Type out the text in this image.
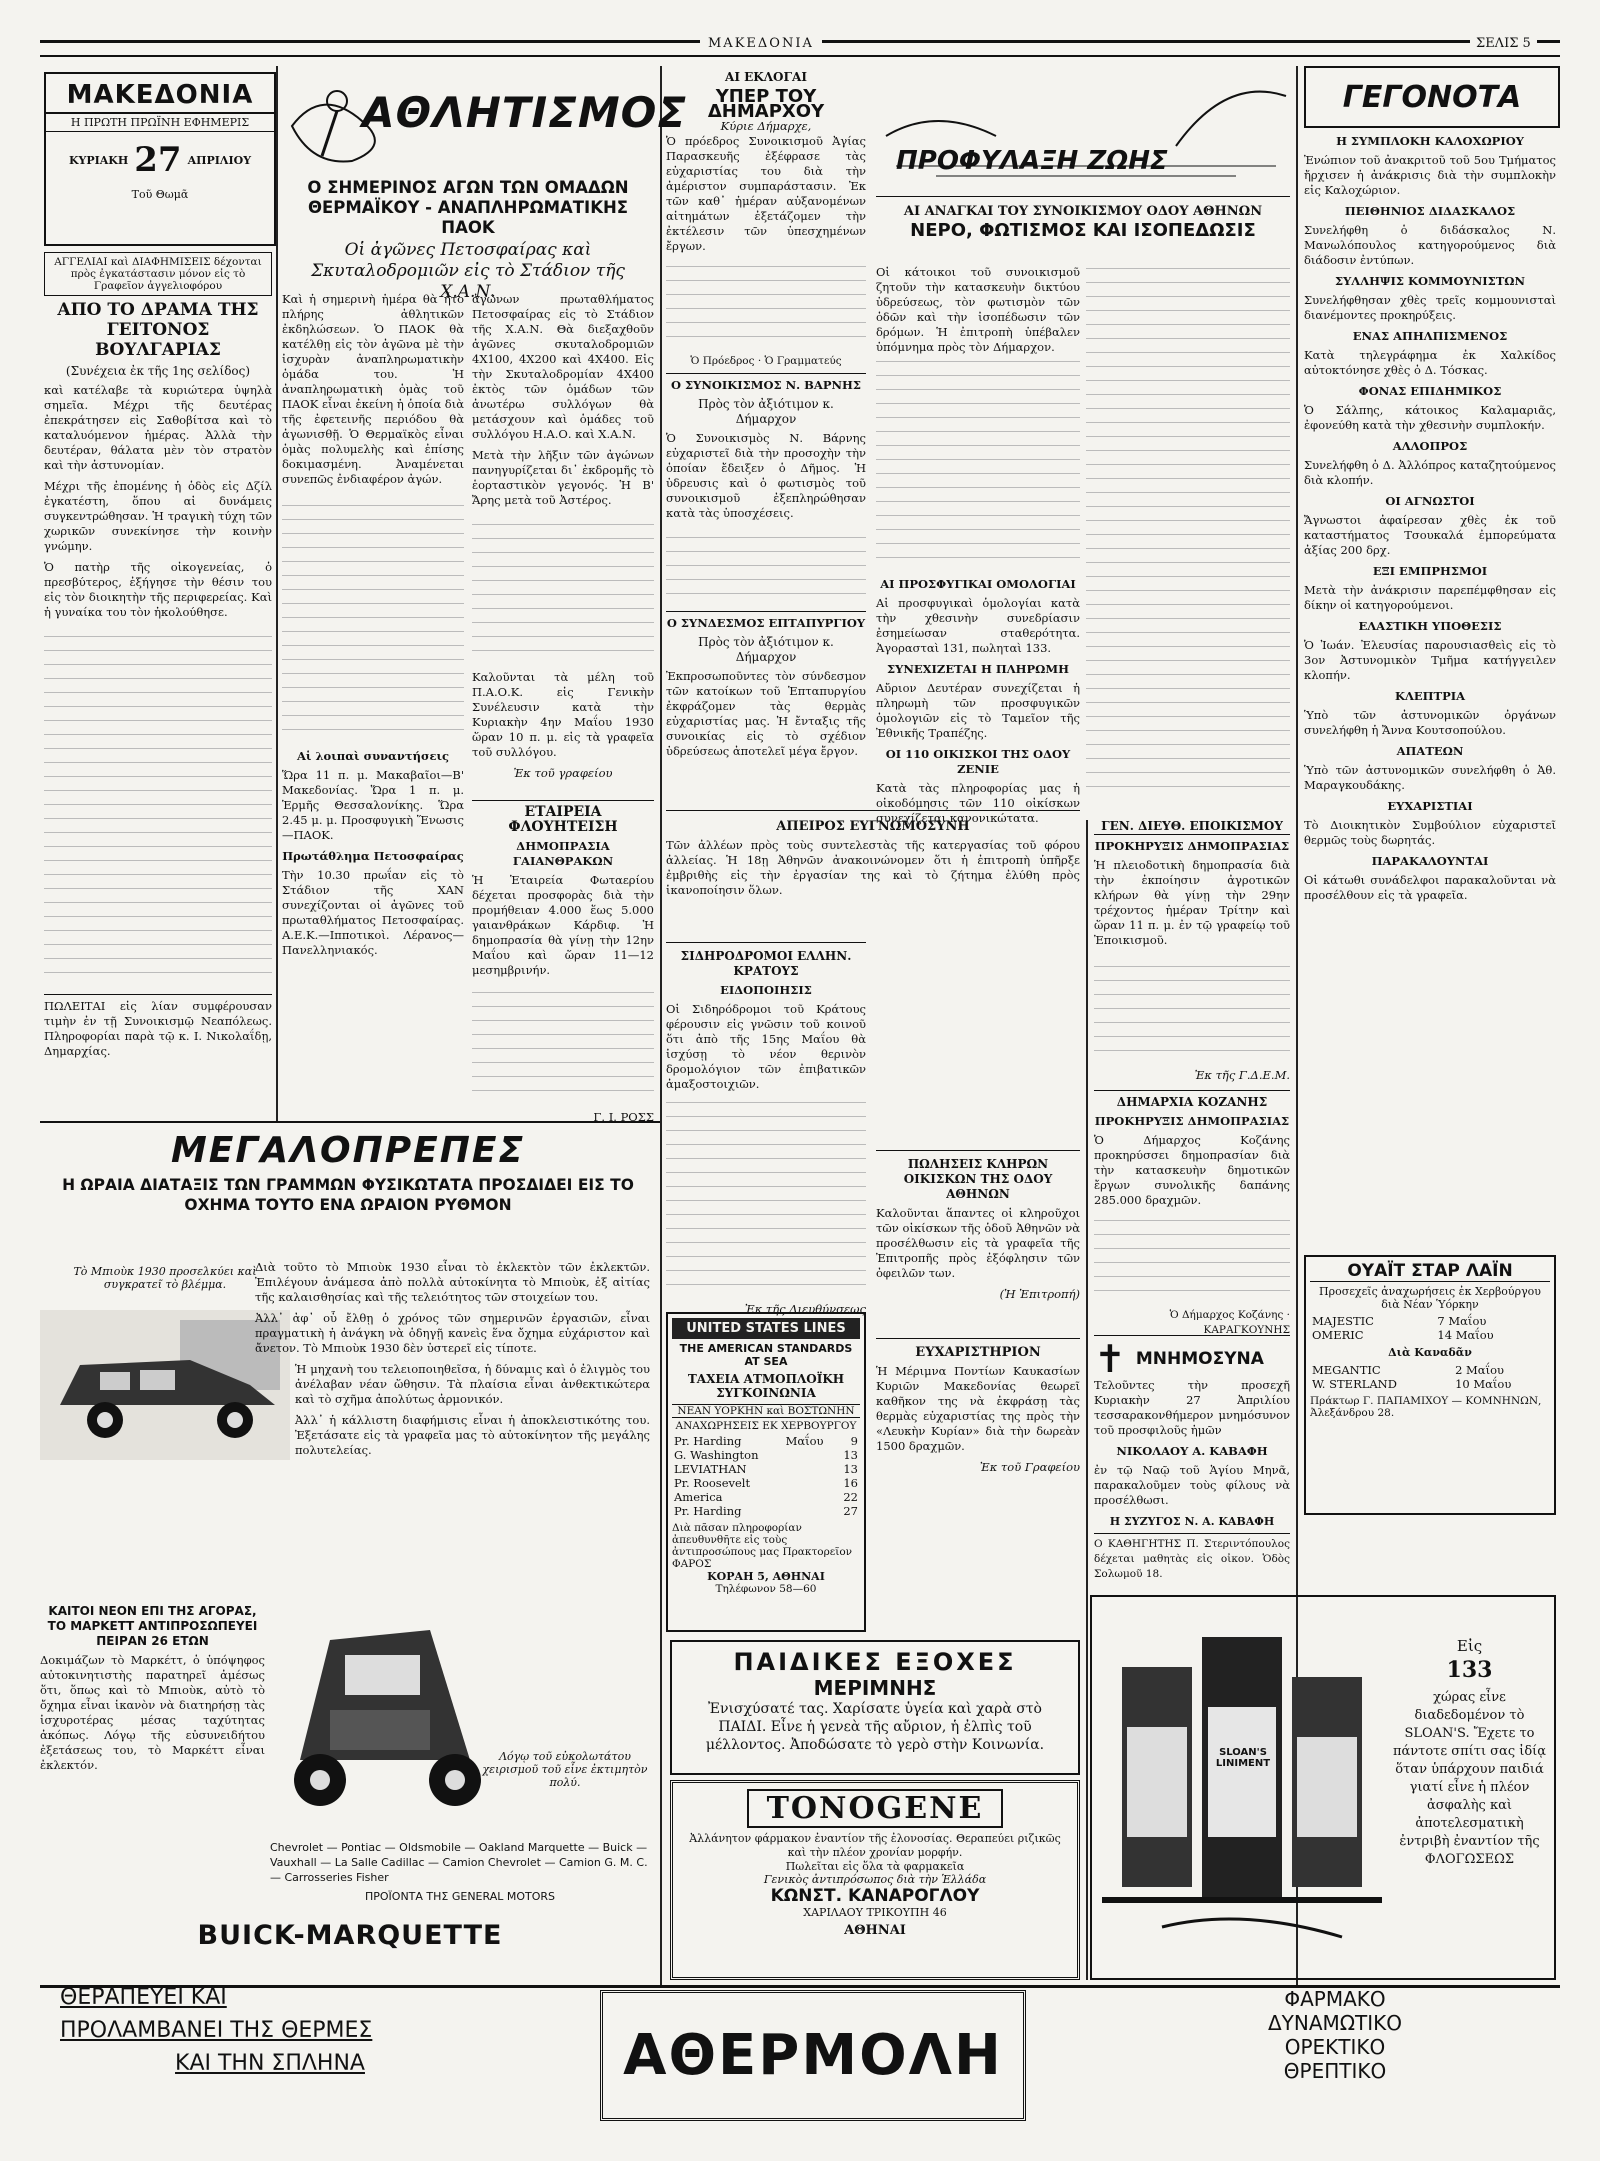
ΜΑΚΕΔΟΝΙΑ	ΣΕΛΙΣ 5
ΜΑΚΕΔΟΝΙΑ
Η ΠΡΩΤΗ ΠΡΩΪΝΗ ΕΦΗΜΕΡΙΣ
ΚΥΡΙΑΚΗ 27 ΑΠΡΙΛΙΟΥ
Τοῦ Θωμᾶ
ΑΓΓΕΛΙΑΙ καὶ ΔΙΑΦΗΜΙΣΕΙΣ δέχονται πρὸς ἐγκατάστασιν μόνον εἰς τὸ Γραφεῖον ἀγγελιοφόρου
ΑΠΟ ΤΟ ΔΡΑΜΑ ΤΗΣ ΓΕΙΤΟΝΟΣ ΒΟΥΛΓΑΡΙΑΣ
(Συνέχεια ἐκ τῆς 1ης σελίδος)

καὶ κατέλαβε τὰ κυριώτερα ὑψηλὰ σημεῖα. Μέχρι τῆς δευτέρας ἐπεκράτησεν εἰς Σαθοβίτσα καὶ τὸ καταλυόμενον ἡμέρας. Ἀλλὰ τὴν δευτέραν, θάλατα μὲν τὸν στρατὸν καὶ τὴν ἀστυνομίαν.

Μέχρι τῆς ἐπομένης ἡ ὁδὸς εἰς Δζίλ ἐγκατέστη, ὅπου αἱ δυνάμεις συγκεντρώθησαν. Ἡ τραγικὴ τύχη τῶν χωρικῶν συνεκίνησε τὴν κοινὴν γνώμην.

Ὁ πατὴρ τῆς οἰκογενείας, ὁ πρεσβύτερος, ἐξήγησε τὴν θέσιν του εἰς τὸν διοικητὴν τῆς περιφερείας. Καὶ ἡ γυναίκα του τὸν ἠκολούθησε.

ΠΩΛΕΙΤΑΙ εἰς λίαν συμφέρουσαν τιμὴν ἐν τῇ Συνοικισμῷ Νεαπόλεως. Πληροφορίαι παρὰ τῷ κ. Ι. Νικολαΐδῃ, Δημαρχίας.

ΑΘΛΗΤΙΣΜΟΣ
Ο ΣΗΜΕΡΙΝΟΣ ΑΓΩΝ ΤΩΝ ΟΜΑΔΩΝ ΘΕΡΜΑΪΚΟΥ - ΑΝΑΠΛΗΡΩΜΑΤΙΚΗΣ ΠΑΟΚ
Οἱ ἀγῶνες Πετοσφαίρας καὶ Σκυταλοδρομιῶν εἰς τὸ Στάδιον τῆς Χ.Α.Ν.

Καὶ ἡ σημερινὴ ἡμέρα θὰ ἦτο πλήρης ἀθλητικῶν ἐκδηλώσεων. Ὁ ΠΑΟΚ θὰ κατέλθῃ εἰς τὸν ἀγῶνα μὲ τὴν ἰσχυρὰν ἀναπληρωματικὴν ὁμάδα του. Ἡ ἀναπληρωματικὴ ὁμὰς τοῦ ΠΑΟΚ εἶναι ἐκείνη ἡ ὁποία διὰ τῆς ἐφετεινῆς περιόδου θὰ ἀγωνισθῇ. Ὁ Θερμαϊκὸς εἶναι ὁμὰς πολυμελὴς καὶ ἐπίσης δοκιμασμένη. Ἀναμένεται συνεπῶς ἐνδιαφέρον ἀγών.

Αἱ λοιπαὶ συναντήσεις

Ὥρα 11 π. μ. Μακαβαῖοι—Β' Μακεδονίας. Ὥρα 1 π. μ. Ἑρμῆς Θεσσαλονίκης. Ὥρα 2.45 μ. μ. Προσφυγικὴ Ἕνωσις—ΠΑΟΚ.

Πρωτάθλημα Πετοσφαίρας

Τὴν 10.30 πρωΐαν εἰς τὸ Στάδιον τῆς ΧΑΝ συνεχίζονται οἱ ἀγῶνες τοῦ πρωταθλήματος Πετοσφαίρας. Α.Ε.Κ.—Ιπποτικοὶ. Λέρανος—Πανελληνιακός.

ἀγώνων πρωταθλήματος Πετοσφαίρας εἰς τὸ Στάδιον τῆς Χ.Α.Ν. Θὰ διεξαχθοῦν ἀγῶνες σκυταλοδρομιῶν 4Χ100, 4Χ200 καὶ 4Χ400. Εἰς τὴν Σκυταλοδρομίαν 4Χ400 ἐκτὸς τῶν ὁμάδων τῶν ἀνωτέρω συλλόγων θὰ μετάσχουν καὶ ὁμάδες τοῦ συλλόγου Η.Α.Ο. καὶ Χ.Α.Ν.

Μετὰ τὴν λῆξιν τῶν ἀγώνων πανηγυρίζεται δι᾽ ἐκδρομῆς τὸ ἑορταστικὸν γεγονός. Ἡ Β' Ἄρης μετὰ τοῦ Ἀστέρος.

Καλοῦνται τὰ μέλη τοῦ Π.Α.Ο.Κ. εἰς Γενικὴν Συνέλευσιν κατὰ τὴν Κυριακὴν 4ην Μαΐου 1930 ὥραν 10 π. μ. εἰς τὰ γραφεῖα τοῦ συλλόγου.

Ἐκ τοῦ γραφείου
ΕΤΑΙΡΕΙΑ ΦΛΟΥΗΤΕΙΣΗ
ΔΗΜΟΠΡΑΣΙΑ ΓΑΙΑΝΘΡΑΚΩΝ

Ἡ Ἑταιρεία Φωταερίου δέχεται προσφορὰς διὰ τὴν προμήθειαν 4.000 ἕως 5.000 γαιανθράκων Κάρδιφ. Ἡ δημοπρασία θὰ γίνῃ τὴν 12ην Μαΐου καὶ ὥραν 11—12 μεσημβρινήν.

Γ. Ι. ΡΟΣΣ
ΑΙ ΕΚΛΟΓΑΙ
ΥΠΕΡ ΤΟΥ ΔΗΜΑΡΧΟΥ
Κύριε Δήμαρχε,

Ὁ πρόεδρος Συνοικισμοῦ Ἀγίας Παρασκευῆς ἐξέφρασε τὰς εὐχαριστίας του διὰ τὴν ἀμέριστον συμπαράστασιν. Ἐκ τῶν καθ᾽ ἡμέραν αὐξανομένων αἰτημάτων ἐξετάζομεν τὴν ἐκτέλεσιν τῶν ὑπεσχημένων ἔργων.

Ὁ Πρόεδρος · Ὁ Γραμματεύς
Ο ΣΥΝΟΙΚΙΣΜΟΣ Ν. ΒΑΡΝΗΣ
Πρὸς τὸν ἀξιότιμον κ. Δήμαρχον

Ὁ Συνοικισμὸς Ν. Βάρνης εὐχαριστεῖ διὰ τὴν προσοχὴν τὴν ὁποίαν ἔδειξεν ὁ Δῆμος. Ἡ ὑδρευσις καὶ ὁ φωτισμὸς τοῦ συνοικισμοῦ ἐξεπληρώθησαν κατὰ τὰς ὑποσχέσεις.

Ο ΣΥΝΔΕΣΜΟΣ ΕΠΤΑΠΥΡΓΙΟΥ
Πρὸς τὸν ἀξιότιμον κ. Δήμαρχον

Ἐκπροσωποῦντες τὸν σύνδεσμον τῶν κατοίκων τοῦ Ἑπταπυργίου ἐκφράζομεν τὰς θερμὰς εὐχαριστίας μας. Ἡ ἔνταξις τῆς συνοικίας εἰς τὸ σχέδιον ὑδρεύσεως ἀποτελεῖ μέγα ἔργον.

ΠΡΟΦΥΛΑΞΗ ΖΩΗΣ
ΑΙ ΑΝΑΓΚΑΙ ΤΟΥ ΣΥΝΟΙΚΙΣΜΟΥ ΟΔΟΥ ΑΘΗΝΩΝ
ΝΕΡΟ, ΦΩΤΙΣΜΟΣ ΚΑΙ ΙΣΟΠΕΔΩΣΙΣ

Οἱ κάτοικοι τοῦ συνοικισμοῦ ζητοῦν τὴν κατασκευὴν δικτύου ὑδρεύσεως, τὸν φωτισμὸν τῶν ὁδῶν καὶ τὴν ἰσοπέδωσιν τῶν δρόμων. Ἡ ἐπιτροπὴ ὑπέβαλεν ὑπόμνημα πρὸς τὸν Δήμαρχον.

ΑΙ ΠΡΟΣΦΥΓΙΚΑΙ ΟΜΟΛΟΓΙΑΙ

Αἱ προσφυγικαὶ ὁμολογίαι κατὰ τὴν χθεσινὴν συνεδρίασιν ἐσημείωσαν σταθερότητα. Ἀγορασταὶ 131, πωληταὶ 133.

ΣΥΝΕΧΙΖΕΤΑΙ Η ΠΛΗΡΩΜΗ

Αὔριον Δευτέραν συνεχίζεται ἡ πληρωμὴ τῶν προσφυγικῶν ὁμολογιῶν εἰς τὸ Ταμεῖον τῆς Ἐθνικῆς Τραπέζης.

ΟΙ 110 ΟΙΚΙΣΚΟΙ ΤΗΣ ΟΔΟΥ ΖΕΝΙΕ

Κατὰ τὰς πληροφορίας μας ἡ οἰκοδόμησις τῶν 110 οἰκίσκων συνεχίζεται κανονικώτατα.

ΓΕΓΟΝΟΤΑ
Η ΣΥΜΠΛΟΚΗ ΚΑΛΟΧΩΡΙΟΥ

Ἐνώπιον τοῦ ἀνακριτοῦ τοῦ 5ου Τμήματος ἤρχισεν ἡ ἀνάκρισις διὰ τὴν συμπλοκὴν εἰς Καλοχώριον.

ΠΕΙΘΗΝΙΟΣ ΔΙΔΑΣΚΑΛΟΣ

Συνελήφθη ὁ διδάσκαλος Ν. Μανωλόπουλος κατηγορούμενος διὰ διάδοσιν ἐντύπων.

ΣΥΛΛΗΨΙΣ ΚΟΜΜΟΥΝΙΣΤΩΝ

Συνελήφθησαν χθὲς τρεῖς κομμουνισταὶ διανέμοντες προκηρύξεις.

ΕΝΑΣ ΑΠΗΛΠΙΣΜΕΝΟΣ

Κατὰ τηλεγράφημα ἐκ Χαλκίδος αὐτοκτόνησε χθὲς ὁ Δ. Τόσκας.

ΦΟΝΑΣ ΕΠΙΔΗΜΙΚΟΣ

Ὁ Σάλπης, κάτοικος Καλαμαριᾶς, ἐφονεύθη κατὰ τὴν χθεσινὴν συμπλοκήν.

ΑΛΛΟΠΡΟΣ

Συνελήφθη ὁ Δ. Ἀλλόπρος καταζητούμενος διὰ κλοπήν.

ΟΙ ΑΓΝΩΣΤΟΙ

Ἄγνωστοι ἀφαίρεσαν χθὲς ἐκ τοῦ καταστήματος Τσουκαλά ἐμπορεύματα ἀξίας 200 δρχ.

ΕΞΙ ΕΜΠΡΗΣΜΟΙ

Μετὰ τὴν ἀνάκρισιν παρεπέμφθησαν εἰς δίκην οἱ κατηγορούμενοι.

ΕΛΑΣΤΙΚΗ ΥΠΟΘΕΣΙΣ

Ὁ Ἰωάν. Ἐλευσίας παρουσιασθεὶς εἰς τὸ 3ον Ἀστυνομικὸν Τμῆμα κατήγγειλεν κλοπήν.

ΚΛΕΠΤΡΙΑ

Ὑπὸ τῶν ἀστυνομικῶν ὀργάνων συνελήφθη ἡ Ἄννα Κουτσοπούλου.

ΑΠΑΤΕΩΝ

Ὑπὸ τῶν ἀστυνομικῶν συνελήφθη ὁ Ἀθ. Μαραγκουδάκης.

ΕΥΧΑΡΙΣΤΙΑΙ

Τὸ Διοικητικὸν Συμβούλιον εὐχαριστεῖ θερμῶς τοὺς δωρητάς.

ΠΑΡΑΚΑΛΟΥΝΤΑΙ

Οἱ κάτωθι συνάδελφοι παρακαλοῦνται νὰ προσέλθουν εἰς τὰ γραφεῖα.

ΑΠΕΙΡΟΣ ΕΥΓΝΩΜΟΣΥΝΗ

Τῶν ἀλλέων πρὸς τοὺς συντελεστὰς τῆς κατεργασίας τοῦ φόρου ἀλλείας. Ἡ 18ῃ Ἀθηνῶν ἀνακοινώνομεν ὅτι ἡ ἐπιτροπὴ ὑπῆρξε ἐμβριθὴς εἰς τὴν ἐργασίαν της καὶ τὸ ζήτημα ἐλύθη πρὸς ἱκανοποίησιν ὅλων.

ΣΙΔΗΡΟΔΡΟΜΟΙ ΕΛΛΗΝ. ΚΡΑΤΟΥΣ
ΕΙΔΟΠΟΙΗΣΙΣ

Οἱ Σιδηρόδρομοι τοῦ Κράτους φέρουσιν εἰς γνῶσιν τοῦ κοινοῦ ὅτι ἀπὸ τῆς 15ης Μαΐου θὰ ἰσχύσῃ τὸ νέον θερινὸν δρομολόγιον τῶν ἐπιβατικῶν ἀμαξοστοιχιῶν.

Ἐκ τῆς Διευθύνσεως
UNITED STATES LINES
THE AMERICAN STANDARDS AT SEA
ΤΑΧΕΙΑ ΑΤΜΟΠΛΟΪΚΗ ΣΥΓΚΟΙΝΩΝΙΑ
ΝΕΑΝ ΥΟΡΚΗΝ καὶ ΒΟΣΤΩΝΗΝ
ΑΝΑΧΩΡΗΣΕΙΣ ΕΚ ΧΕΡΒΟΥΡΓΟΥ
Pr. Harding	Μαΐου	9
G. Washington		13
LEVIATHAN		13
Pr. Roosevelt		16
America		22
Pr. Harding		27
Διὰ πᾶσαν πληροφορίαν ἀπευθυνθῆτε εἰς τοὺς ἀντιπροσώπους μας Πρακτορεῖον ΦΑΡΟΣ
ΚΟΡΑΗ 5, ΑΘΗΝΑΙ
Τηλέφωνον 58—60
ΠΩΛΗΣΕΙΣ ΚΛΗΡΩΝ ΟΙΚΙΣΚΩΝ ΤΗΣ ΟΔΟΥ ΑΘΗΝΩΝ

Καλοῦνται ἅπαντες οἱ κληροῦχοι τῶν οἰκίσκων τῆς ὁδοῦ Ἀθηνῶν νὰ προσέλθωσιν εἰς τὰ γραφεῖα τῆς Ἐπιτροπῆς πρὸς ἐξόφλησιν τῶν ὀφειλῶν των.

(Ἡ Ἐπιτροπή)
ΕΥΧΑΡΙΣΤΗΡΙΟΝ

Ἡ Μέριμνα Ποντίων Καυκασίων Κυριῶν Μακεδονίας θεωρεῖ καθῆκον της νὰ ἐκφράσῃ τὰς θερμὰς εὐχαριστίας της πρὸς τὴν «Λευκὴν Κυρίαν» διὰ τὴν δωρεὰν 1500 δραχμῶν.

Ἐκ τοῦ Γραφείου
ΓΕΝ. ΔΙΕΥΘ. ΕΠΟΙΚΙΣΜΟΥ
ΠΡΟΚΗΡΥΞΙΣ ΔΗΜΟΠΡΑΣΙΑΣ

Ἡ πλειοδοτικὴ δημοπρασία διὰ τὴν ἐκποίησιν ἀγροτικῶν κλήρων θὰ γίνῃ τὴν 29ην τρέχοντος ἡμέραν Τρίτην καὶ ὥραν 11 π. μ. ἐν τῷ γραφείῳ τοῦ Ἐποικισμοῦ.

Ἐκ τῆς Γ.Δ.Ε.Μ.
ΔΗΜΑΡΧΙΑ ΚΟΖΑΝΗΣ
ΠΡΟΚΗΡΥΞΙΣ ΔΗΜΟΠΡΑΣΙΑΣ

Ὁ Δήμαρχος Κοζάνης προκηρύσσει δημοπρασίαν διὰ τὴν κατασκευὴν δημοτικῶν ἔργων συνολικῆς δαπάνης 285.000 δραχμῶν.

Ὁ Δήμαρχος Κοζάνης · ΚΑΡΑΓΚΟΥΝΗΣ
✝ ΜΝΗΜΟΣΥΝΑ

Τελοῦντες τὴν προσεχῆ Κυριακὴν 27 Ἀπριλίου τεσσαρακονθήμερον μνημόσυνον τοῦ προσφιλοῦς ἡμῶν

ΝΙΚΟΛΑΟΥ Α. ΚΑΒΑΦΗ

ἐν τῷ Ναῷ τοῦ Ἁγίου Μηνᾶ, παρακαλοῦμεν τοὺς φίλους νὰ προσέλθωσι.

Η ΣΥΖΥΓΟΣ Ν. Α. ΚΑΒΑΦΗ

Ο ΚΑΘΗΓΗΤΗΣ Π. Στεριντόπουλος δέχεται μαθητὰς εἰς οἰκον. Ὁδὸς Σολωμοῦ 18.

ΟΥΑΪΤ ΣΤΑΡ ΛΑΪΝ
Προσεχεῖς ἀναχωρήσεις ἐκ Χερβούργου διὰ Νέαν Ὑόρκην
MAJESTIC	7 Μαΐου
OMERIC	14 Μαΐου
Διὰ Καναδᾶν
MEGANTIC	2 Μαΐου
W. STERLAND	10 Μαΐου
Πράκτωρ Γ. ΠΑΠΑΜΙΧΟΥ — ΚΟΜΝΗΝΩΝ, Ἀλεξάνδρου 28.
SLOAN'S LINIMENT
Εἰς
133
χώρας εἶνε διαδεδομένον τὸ SLOAN'S. Ἔχετε το πάντοτε σπίτι σας ἰδίᾳ ὅταν ὑπάρχουν παιδιά γιατί εἶνε ἡ πλέον ἀσφαλὴς καὶ ἀποτελεσματικὴ ἐντριβὴ ἐναντίον τῆς ΦΛΟΓΩΣΕΩΣ
ΠΑΙΔΙΚΕΣ ΕΞΟΧΕΣ
ΜΕΡΙΜΝΗΣ
Ἐνισχύσατέ τας. Χαρίσατε ὑγεία καὶ χαρὰ στὸ ΠΑΙΔΙ. Εἶνε ἡ γενεὰ τῆς αὔριον, ἡ ἐλπὶς τοῦ μέλλοντος. Ἀποδώσατε τὸ γερὸ στὴν Κοινωνία.
TONOGENE
Ἀλλάνητον φάρμακον ἐναντίον τῆς ἐλονοσίας. Θεραπεύει ριζικῶς καὶ τὴν πλέον χρονίαν μορφήν.
Πωλεῖται εἰς ὅλα τὰ φαρμακεῖα
Γενικὸς ἀντιπρόσωπος διὰ τὴν Ἑλλάδα
ΚΩΝΣΤ. ΚΑΝΑΡΟΓΛΟΥ
ΧΑΡΙΛΑΟΥ ΤΡΙΚΟΥΠΗ 46
ΑΘΗΝΑΙ
ΜΕΓΑΛΟΠΡΕΠΕΣ
Η ΩΡΑΙΑ ΔΙΑΤΑΞΙΣ ΤΩΝ ΓΡΑΜΜΩΝ ΦΥΣΙΚΩΤΑΤΑ ΠΡΟΣΔΙΔΕΙ ΕΙΣ ΤΟ ΟΧΗΜΑ ΤΟΥΤΟ ΕΝΑ ΩΡΑΙΟΝ ΡΥΘΜΟΝ
Τὸ Μπιοὺκ 1930 προσελκύει καὶ συγκρατεῖ τὸ βλέμμα.

Διὰ τοῦτο τὸ Μπιοὺκ 1930 εἶναι τὸ ἐκλεκτὸν τῶν ἐκλεκτῶν. Ἐπιλέγουν ἀνάμεσα ἀπὸ πολλὰ αὐτοκίνητα τὸ Μπιοὺκ, ἐξ αἰτίας τῆς καλαισθησίας καὶ τῆς τελειότητος τῶν στοιχείων του.

Ἀλλ᾽ ἀφ᾽ οὗ ἔλθῃ ὁ χρόνος τῶν σημερινῶν ἐργασιῶν, εἶναι πραγματικὴ ἡ ἀνάγκη νὰ ὁδηγῇ κανεὶς ἕνα ὄχημα εὐχάριστον καὶ ἄνετον. Τὸ Μπιοὺκ 1930 δὲν ὑστερεῖ εἰς τίποτε.

Ἡ μηχανὴ του τελειοποιηθεῖσα, ἡ δύναμις καὶ ὁ ἐλιγμὸς του ἀνέλαβαν νέαν ὥθησιν. Τὰ πλαίσια εἶναι ἀνθεκτικώτερα καὶ τὸ σχῆμα ἀπολύτως ἀρμονικόν.

Ἀλλ᾽ ἡ κάλλιστη διαφήμισις εἶναι ἡ ἀποκλειστικότης του. Ἐξετάσατε εἰς τὰ γραφεῖα μας τὸ αὐτοκίνητον τῆς μεγάλης πολυτελείας.

Λόγῳ τοῦ εὐκολωτάτου χειρισμοῦ τοῦ εἶνε ἐκτιμητὸν πολύ.
ΚΑΙΤΟΙ ΝΕΟΝ ΕΠΙ ΤΗΣ ΑΓΟΡΑΣ, ΤΟ ΜΑΡΚΕΤΤ ΑΝΤΙΠΡΟΣΩΠΕΥΕΙ ΠΕΙΡΑΝ 26 ΕΤΩΝ

Δοκιμάζων τὸ Μαρκέττ, ὁ ὑπόψηφος αὐτοκινητιστὴς παρατηρεῖ ἀμέσως ὅτι, ὅπως καὶ τὸ Μπιοὺκ, αὐτὸ τὸ ὄχημα εἶναι ἱκανὸν νὰ διατηρήσῃ τὰς ἰσχυροτέρας μέσας ταχύτητας ἀκόπως. Λόγῳ τῆς εὐσυνειδήτου ἐξετάσεως του, τὸ Μαρκέττ εἶναι ἐκλεκτόν.

Chevrolet — Pontiac — Oldsmobile — Oakland Marquette — Buick — Vauxhall — La Salle Cadillac — Camion Chevrolet — Camion G. M. C. — Carrosseries Fisher
ΠΡΟΪΟΝΤΑ ΤΗΣ GENERAL MOTORS
BUICK-MARQUETTE
ΘΕΡΑΠΕΥΕΙ ΚΑΙ
ΠΡΟΛΑΜΒΑΝΕΙ ΤΗΣ ΘΕΡΜΕΣ
ΚΑΙ ΤΗΝ ΣΠΛΗΝΑ	ΑΘΕΡΜΟΛΗ
ΦΑΡΜΑΚΟ
ΔΥΝΑΜΩΤΙΚΟ
ΟΡΕΚΤΙΚΟ
ΘΡΕΠΤΙΚΟ
